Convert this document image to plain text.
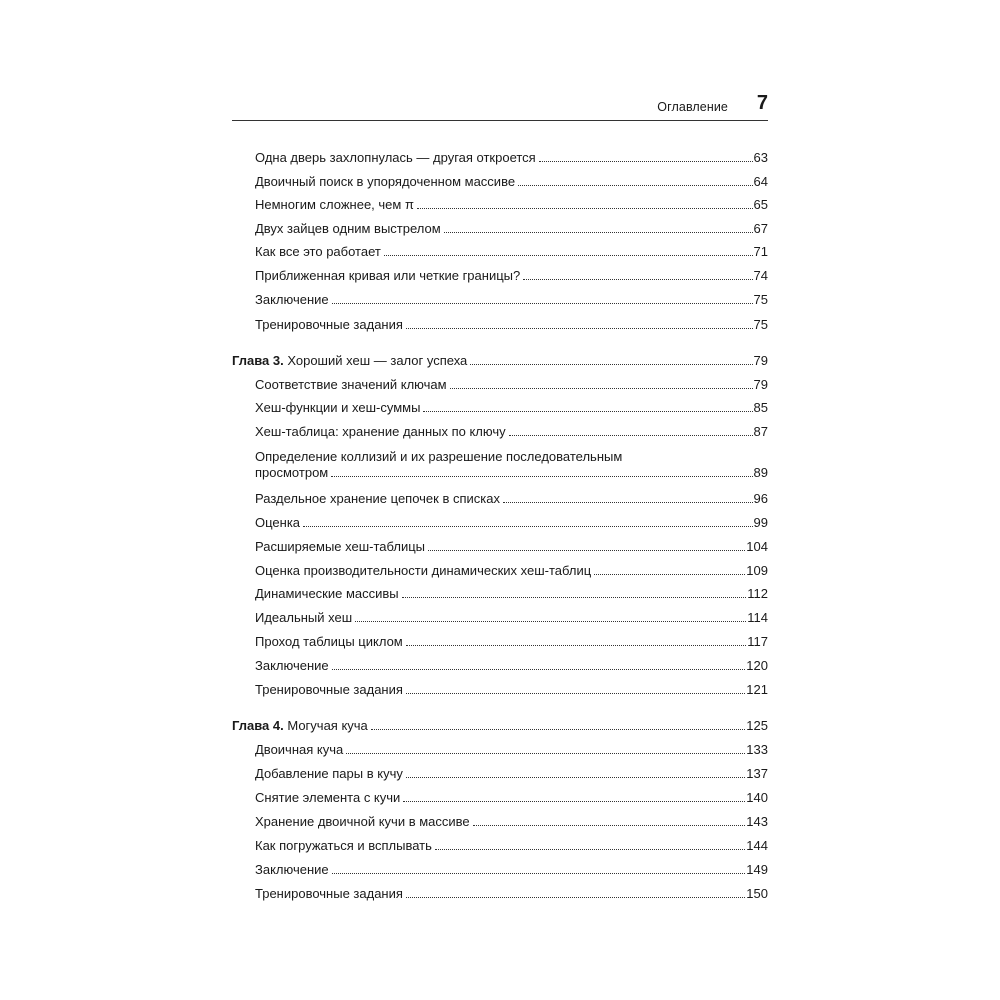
Оглавление 7
Одна дверь захлопнулась — другая откроется	63
Двоичный поиск в упорядоченном массиве	64
Немногим сложнее, чем π	65
Двух зайцев одним выстрелом	67
Как все это работает	71
Приближенная кривая или четкие границы?	74
Заключение	75
Тренировочные задания	75
Глава 3. Хороший хеш — залог успеха	79
Соответствие значений ключам	79
Хеш-функции и хеш-суммы	85
Хеш-таблица: хранение данных по ключу	87
Определение коллизий и их разрешение последовательным
просмотром	89
Раздельное хранение цепочек в списках	96
Оценка	99
Расширяемые хеш-таблицы	104
Оценка производительности динамических хеш-таблиц	109
Динамические массивы	112
Идеальный хеш	114
Проход таблицы циклом	117
Заключение	120
Тренировочные задания	121
Глава 4. Могучая куча	125
Двоичная куча	133
Добавление пары в кучу	137
Снятие элемента с кучи	140
Хранение двоичной кучи в массиве	143
Как погружаться и всплывать	144
Заключение	149
Тренировочные задания	150
